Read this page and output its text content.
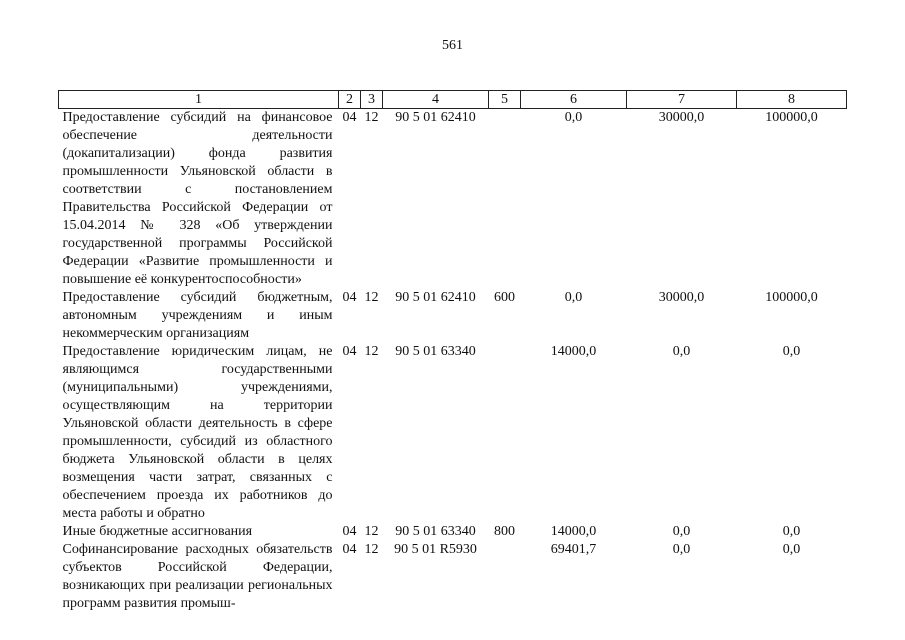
561
1	2	3	4	5	6	7	8
Предоставление субсидий на финансовое обеспечение деятельности (докапитализации) фонда развития промышленности Ульяновской области в соответствии с постановлением Правительства Российской Федерации от 15.04.2014 № 328 «Об утверждении государственной программы Российской Федерации «Развитие промышленности и повышение её конкурентоспособности»	04	12	90 5 01 62410		0,0	30000,0	100000,0
Предоставление субсидий бюджетным, автономным учреждениям и иным некоммерческим организациям	04	12	90 5 01 62410	600	0,0	30000,0	100000,0
Предоставление юридическим лицам, не являющимся государственными (муниципальными) учреждениями, осуществляющим на территории Ульяновской области деятельность в сфере промышленности, субсидий из областного бюджета Ульяновской области в целях возмещения части затрат, связанных с обеспечением проезда их работников до места работы и обратно	04	12	90 5 01 63340		14000,0	0,0	0,0
Иные бюджетные ассигнования	04	12	90 5 01 63340	800	14000,0	0,0	0,0
Софинансирование расходных обязательств субъектов Российской Федерации, возникающих при реализации региональных программ развития промыш-	04	12	90 5 01 R5930		69401,7	0,0	0,0
